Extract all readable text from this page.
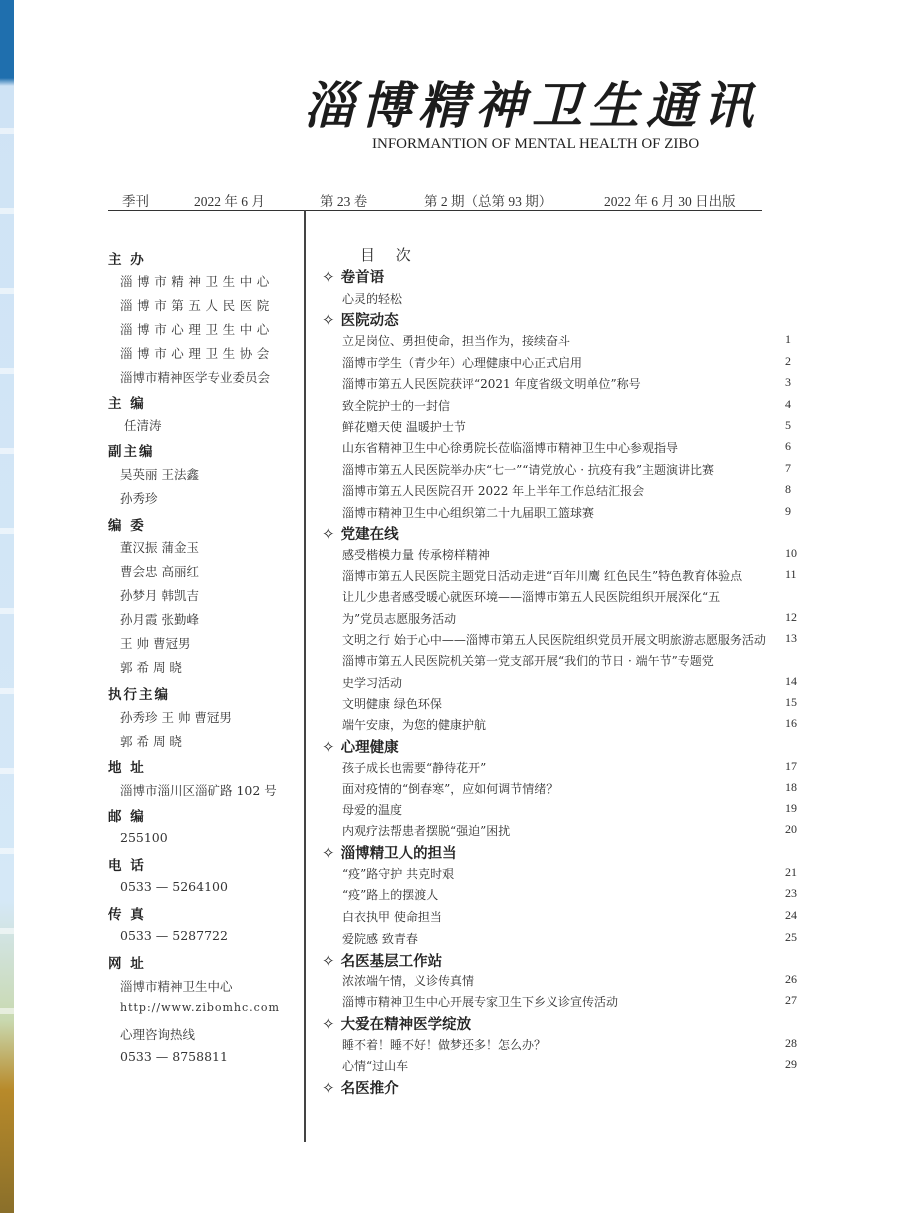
淄博精神卫生通讯
INFORMANTION OF MENTAL HEALTH OF ZIBO
季刊	2022 年 6 月	第 23 卷	第 2 期（总第 93 期）	2022 年 6 月 30 日出版
主 办
淄博市精神卫生中心
淄博市第五人民医院
淄博市心理卫生中心
淄博市心理卫生协会
淄博市精神医学专业委员会
主 编
任清涛
副主编
吴英丽 王法鑫
孙秀珍
编 委
董汉振 蒲金玉
曹会忠 高丽红
孙梦月 韩凯吉
孙月霞 张勤峰
王 帅 曹冠男
郭 希 周 晓
执行主编
孙秀珍 王 帅 曹冠男
郭 希 周 晓
地 址
淄博市淄川区淄矿路 102 号
邮 编
255100
电 话
0533 — 5264100
传 真
0533 — 5287722
网 址
淄博市精神卫生中心
http://www.zibomhc.com
心理咨询热线
0533 — 8758811
目 次
✧ 卷首语
心灵的轻松
✧ 医院动态
立足岗位、勇担使命，担当作为，接续奋斗	1
淄博市学生（青少年）心理健康中心正式启用	2
淄博市第五人民医院获评“2021 年度省级文明单位”称号	3
致全院护士的一封信	4
鲜花赠天使 温暖护士节	5
山东省精神卫生中心徐勇院长莅临淄博市精神卫生中心参观指导	6
淄博市第五人民医院举办庆“七一”“请党放心 · 抗疫有我”主题演讲比赛	7
淄博市第五人民医院召开 2022 年上半年工作总结汇报会	8
淄博市精神卫生中心组织第二十九届职工篮球赛	9
✧ 党建在线
感受楷模力量 传承榜样精神	10
淄博市第五人民医院主题党日活动走进“百年川鹰 红色民生”特色教育体验点	11
让儿少患者感受暖心就医环境——淄博市第五人民医院组织开展深化“五
为”党员志愿服务活动	12
文明之行 始于心中——淄博市第五人民医院组织党员开展文明旅游志愿服务活动 13
淄博市第五人民医院机关第一党支部开展“我们的节日 · 端午节”专题党
史学习活动	14
文明健康 绿色环保	15
端午安康，为您的健康护航	16
✧ 心理健康
孩子成长也需要“静待花开”	17
面对疫情的“倒春寒”，应如何调节情绪？	18
母爱的温度	19
内观疗法帮患者摆脱“强迫”困扰	20
✧ 淄博精卫人的担当
“疫”路守护 共克时艰	21
“疫”路上的摆渡人	23
白衣执甲 使命担当	24
爱院感 致青春	25
✧ 名医基层工作站
浓浓端午情，义诊传真情	26
淄博市精神卫生中心开展专家卫生下乡义诊宣传活动	27
✧ 大爱在精神医学绽放
睡不着！睡不好！做梦还多！怎么办？	28
心情“过山车	29
✧ 名医推介
